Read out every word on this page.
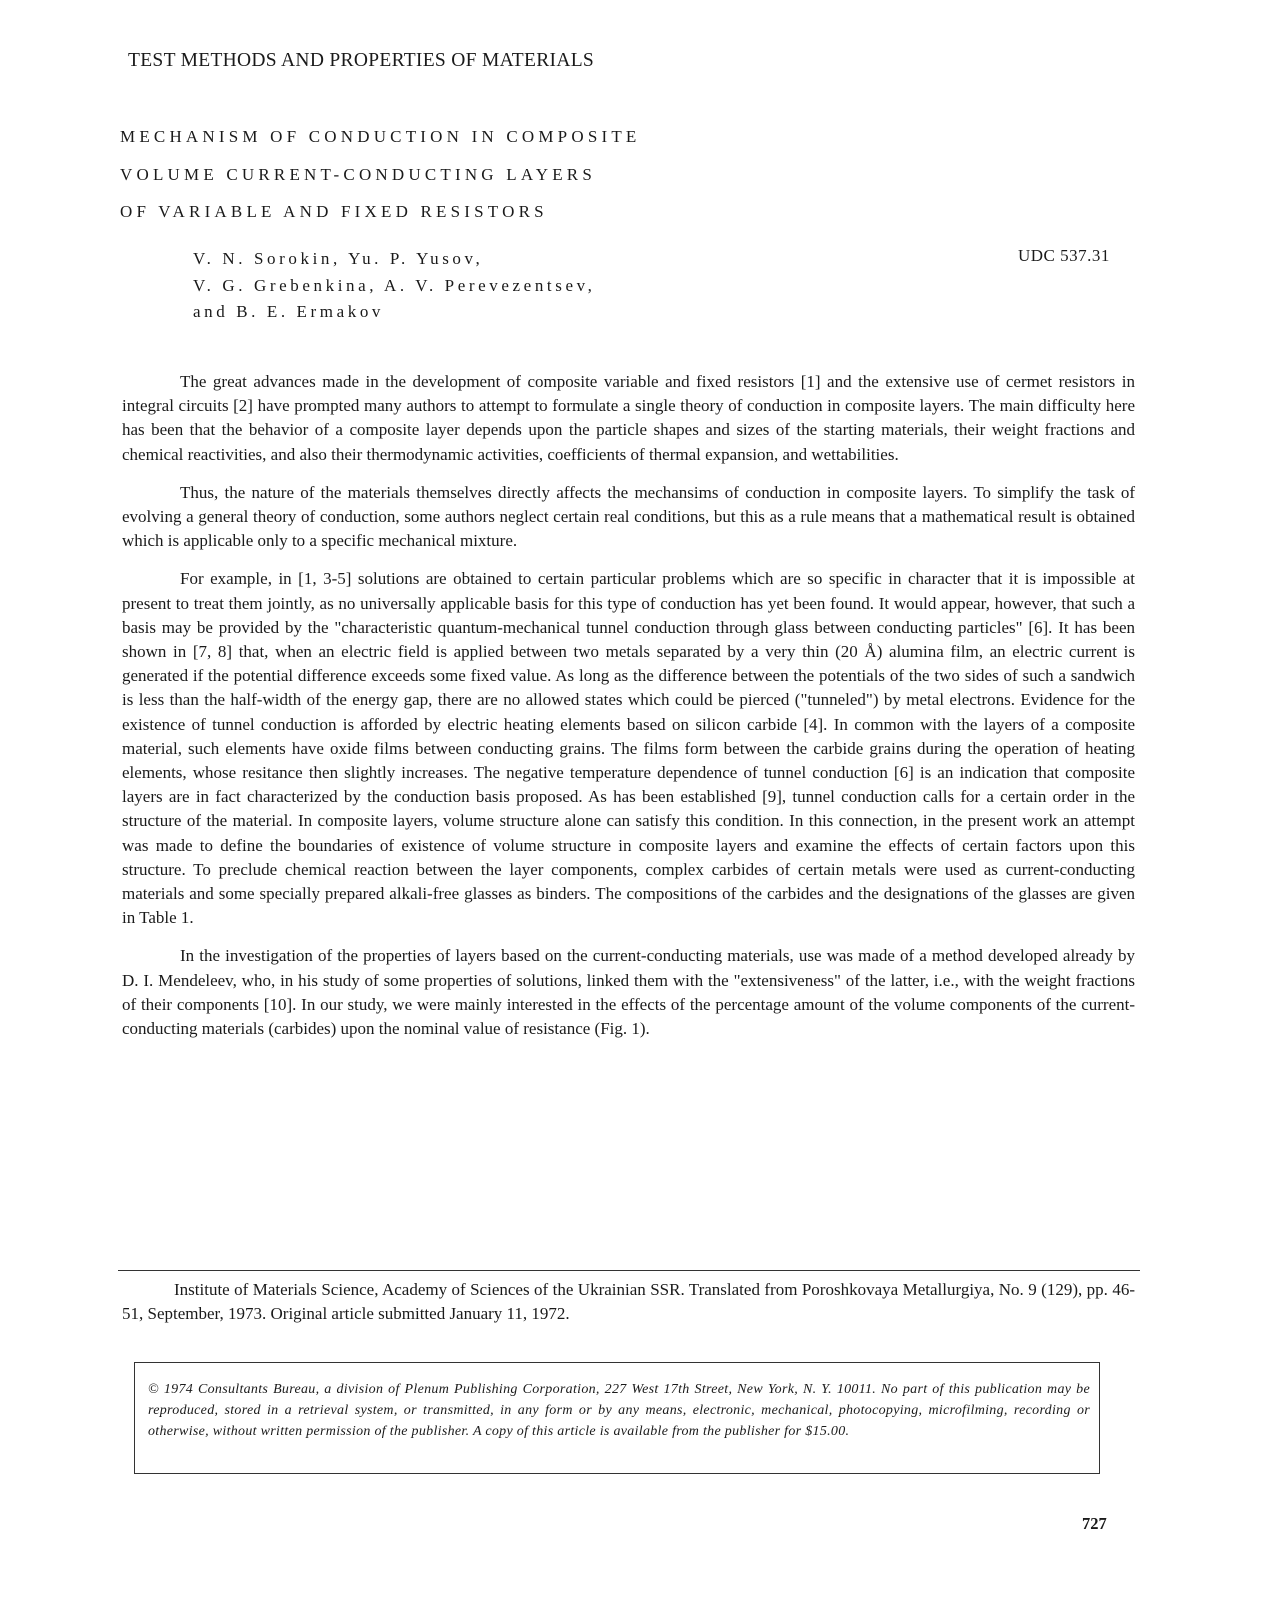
TEST METHODS AND PROPERTIES OF MATERIALS
MECHANISM OF CONDUCTION IN COMPOSITE
VOLUME CURRENT-CONDUCTING LAYERS
OF VARIABLE AND FIXED RESISTORS
V. N. Sorokin, Yu. P. Yusov,
V. G. Grebenkina, A. V. Perevezentsev,
and B. E. Ermakov
UDC 537.31

The great advances made in the development of composite variable and fixed resistors [1] and the extensive use of cermet resistors in integral circuits [2] have prompted many authors to attempt to formulate a single theory of conduction in composite layers. The main difficulty here has been that the behavior of a composite layer depends upon the particle shapes and sizes of the starting materials, their weight fractions and chemical reactivities, and also their thermodynamic activities, coefficients of thermal expansion, and wettabilities.

Thus, the nature of the materials themselves directly affects the mechansims of conduction in composite layers. To simplify the task of evolving a general theory of conduction, some authors neglect certain real conditions, but this as a rule means that a mathematical result is obtained which is applicable only to a specific mechanical mixture.

For example, in [1, 3-5] solutions are obtained to certain particular problems which are so specific in character that it is impossible at present to treat them jointly, as no universally applicable basis for this type of conduction has yet been found. It would appear, however, that such a basis may be provided by the "characteristic quantum-mechanical tunnel conduction through glass between conducting particles" [6]. It has been shown in [7, 8] that, when an electric field is applied between two metals separated by a very thin (20 Å) alumina film, an electric current is generated if the potential difference exceeds some fixed value. As long as the difference between the potentials of the two sides of such a sandwich is less than the half-width of the energy gap, there are no allowed states which could be pierced ("tunneled") by metal electrons. Evidence for the existence of tunnel conduction is afforded by electric heating elements based on silicon carbide [4]. In common with the layers of a composite material, such elements have oxide films between conducting grains. The films form between the carbide grains during the operation of heating elements, whose resitance then slightly increases. The negative temperature dependence of tunnel conduction [6] is an indication that composite layers are in fact characterized by the conduction basis proposed. As has been established [9], tunnel conduction calls for a certain order in the structure of the material. In composite layers, volume structure alone can satisfy this condition. In this connection, in the present work an attempt was made to define the boundaries of existence of volume structure in composite layers and examine the effects of certain factors upon this structure. To preclude chemical reaction between the layer components, complex carbides of certain metals were used as current-conducting materials and some specially prepared alkali-free glasses as binders. The compositions of the carbides and the designations of the glasses are given in Table 1.

In the investigation of the properties of layers based on the current-conducting materials, use was made of a method developed already by D. I. Mendeleev, who, in his study of some properties of solutions, linked them with the "extensiveness" of the latter, i.e., with the weight fractions of their components [10]. In our study, we were mainly interested in the effects of the percentage amount of the volume components of the current-conducting materials (carbides) upon the nominal value of resistance (Fig. 1).

Institute of Materials Science, Academy of Sciences of the Ukrainian SSR. Translated from Poroshkovaya Metallurgiya, No. 9 (129), pp. 46-51, September, 1973. Original article submitted January 11, 1972.
© 1974 Consultants Bureau, a division of Plenum Publishing Corporation, 227 West 17th Street, New York, N. Y. 10011. No part of this publication may be reproduced, stored in a retrieval system, or transmitted, in any form or by any means, electronic, mechanical, photocopying, microfilming, recording or otherwise, without written permission of the publisher. A copy of this article is available from the publisher for $15.00.
727
